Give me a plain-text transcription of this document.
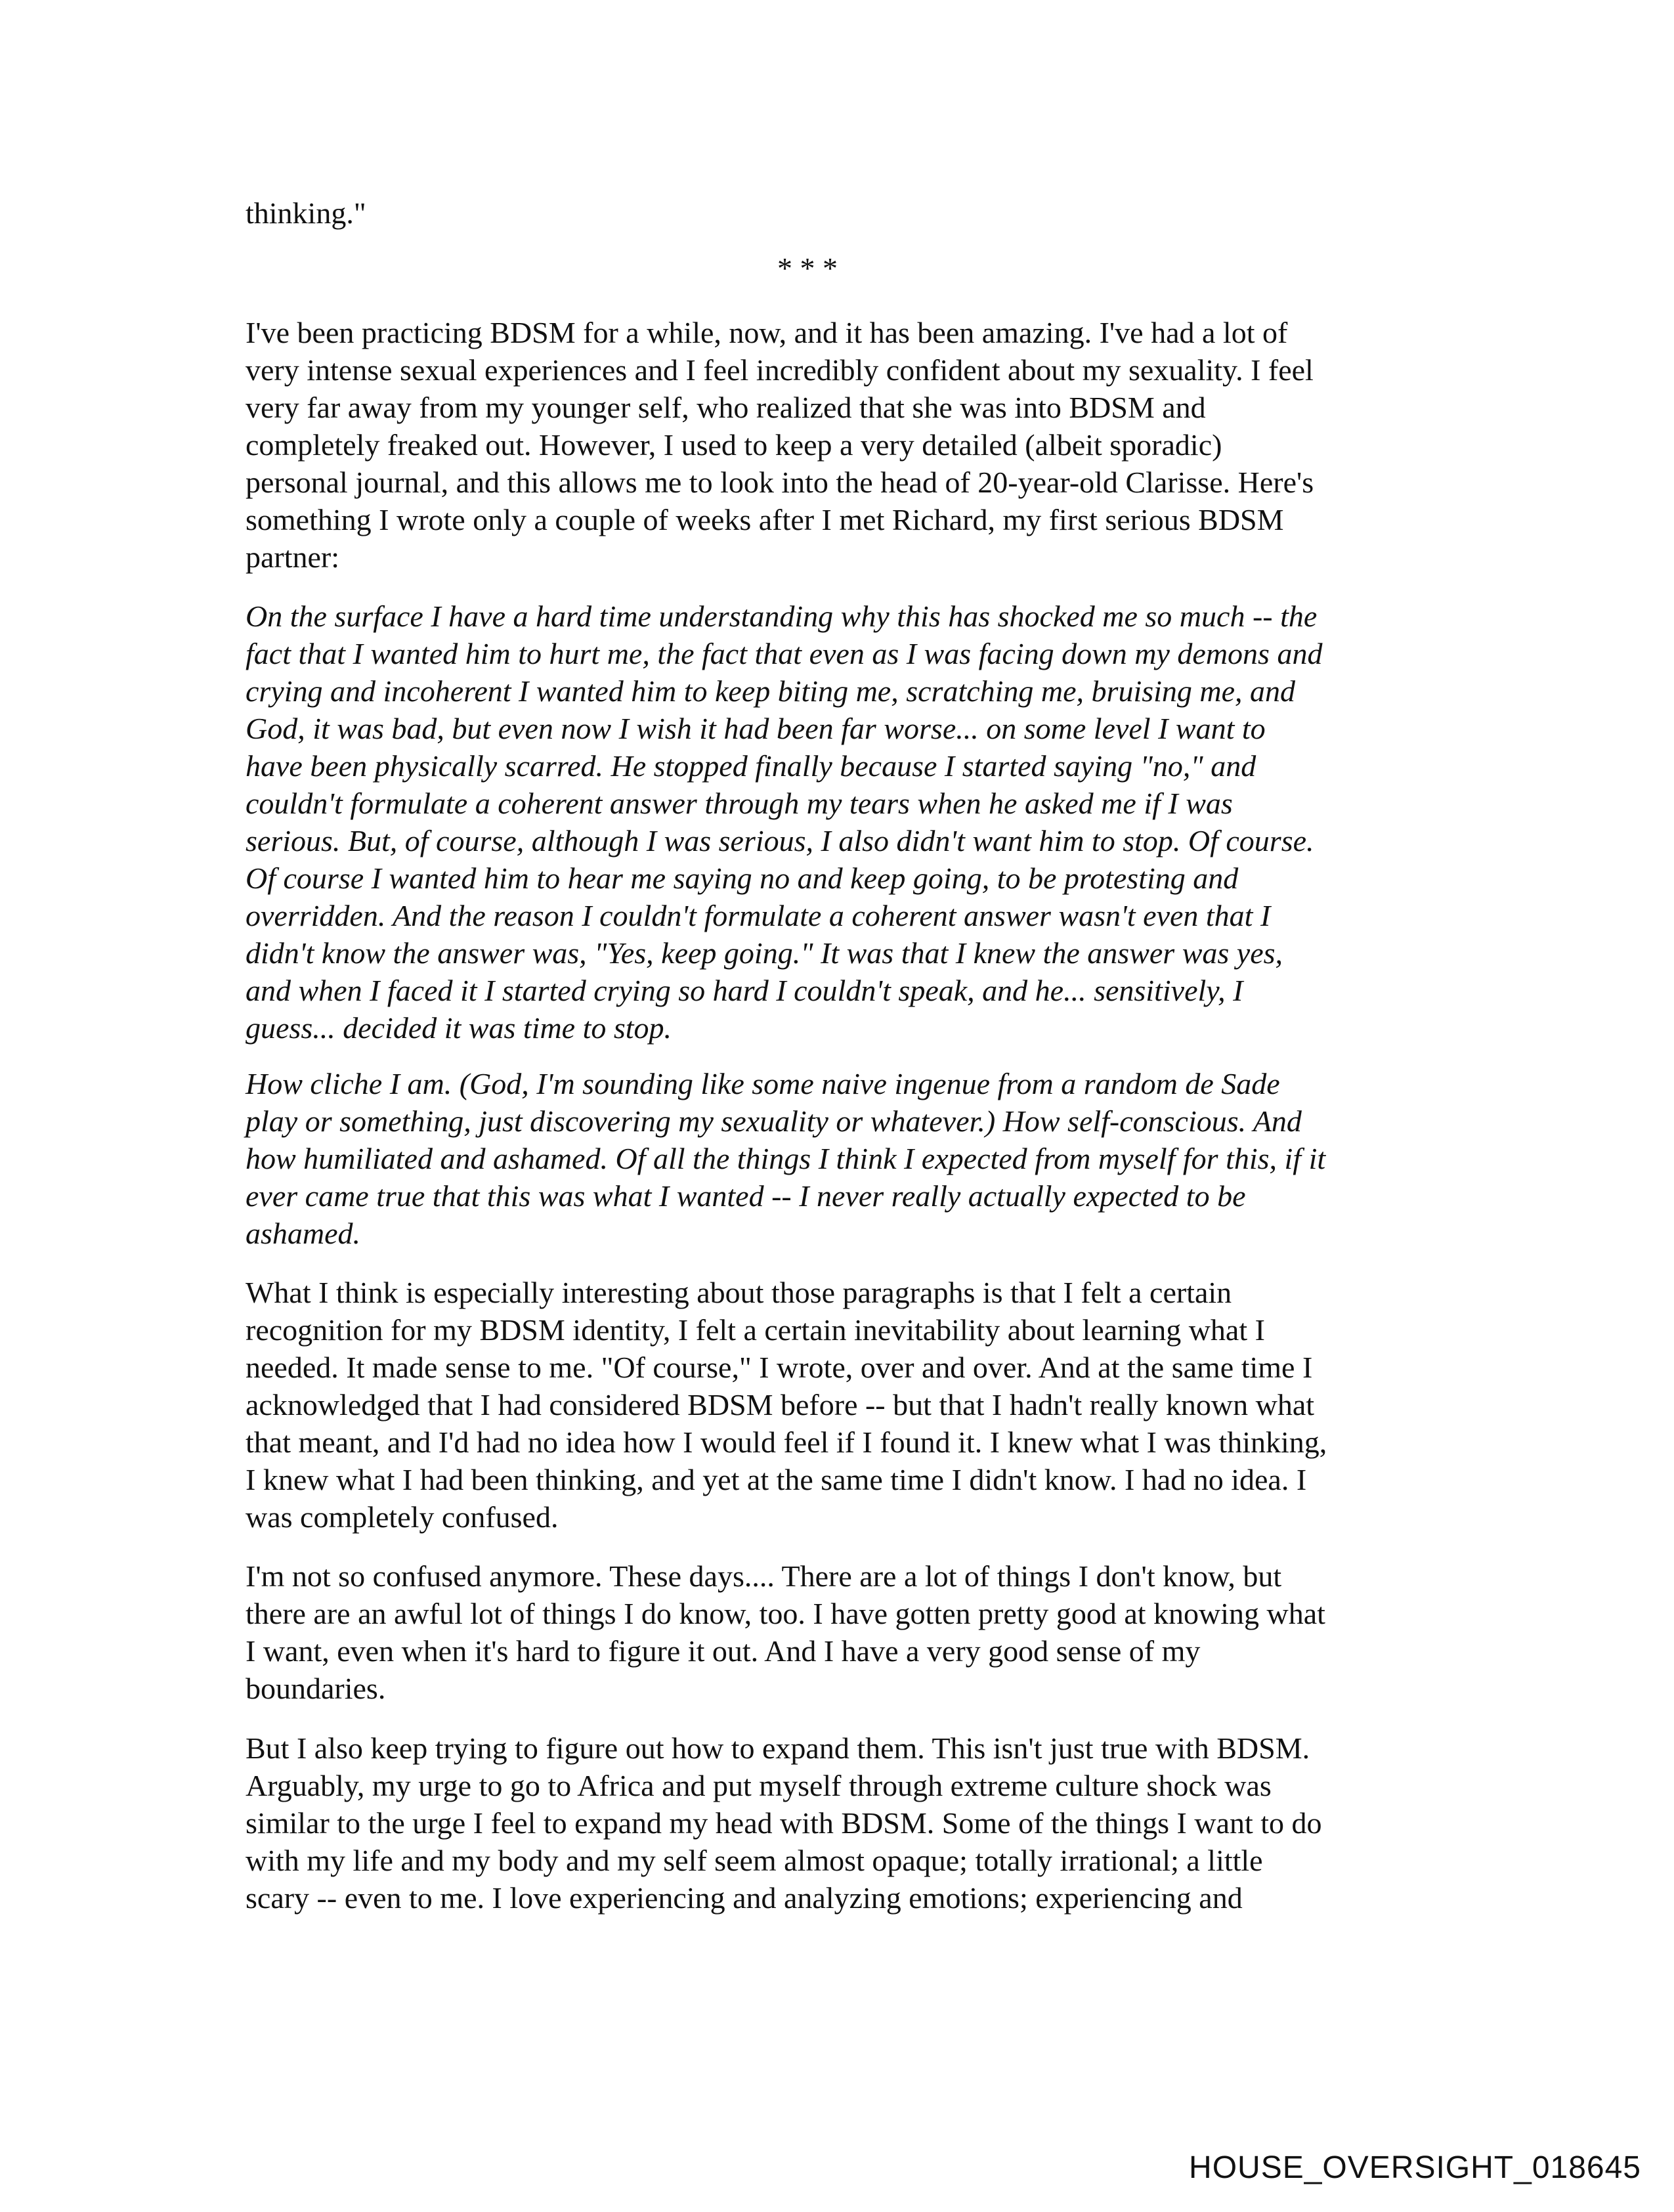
thinking."
* * *
I've been practicing BDSM for a while, now, and it has been amazing. I've had a lot of
very intense sexual experiences and I feel incredibly confident about my sexuality. I feel
very far away from my younger self, who realized that she was into BDSM and
completely freaked out. However, I used to keep a very detailed (albeit sporadic)
personal journal, and this allows me to look into the head of 20-year-old Clarisse. Here's
something I wrote only a couple of weeks after I met Richard, my first serious BDSM
partner:
On the surface I have a hard time understanding why this has shocked me so much -- the
fact that I wanted him to hurt me, the fact that even as I was facing down my demons and
crying and incoherent I wanted him to keep biting me, scratching me, bruising me, and
God, it was bad, but even now I wish it had been far worse... on some level I want to
have been physically scarred. He stopped finally because I started saying "no," and
couldn't formulate a coherent answer through my tears when he asked me if I was
serious. But, of course, although I was serious, I also didn't want him to stop. Of course.
Of course I wanted him to hear me saying no and keep going, to be protesting and
overridden. And the reason I couldn't formulate a coherent answer wasn't even that I
didn't know the answer was, "Yes, keep going." It was that I knew the answer was yes,
and when I faced it I started crying so hard I couldn't speak, and he... sensitively, I
guess... decided it was time to stop.
How cliche I am. (God, I'm sounding like some naive ingenue from a random de Sade
play or something, just discovering my sexuality or whatever.) How self-conscious. And
how humiliated and ashamed. Of all the things I think I expected from myself for this, if it
ever came true that this was what I wanted -- I never really actually expected to be
ashamed.
What I think is especially interesting about those paragraphs is that I felt a certain
recognition for my BDSM identity, I felt a certain inevitability about learning what I
needed. It made sense to me. "Of course," I wrote, over and over. And at the same time I
acknowledged that I had considered BDSM before -- but that I hadn't really known what
that meant, and I'd had no idea how I would feel if I found it. I knew what I was thinking,
I knew what I had been thinking, and yet at the same time I didn't know. I had no idea. I
was completely confused.
I'm not so confused anymore. These days.... There are a lot of things I don't know, but
there are an awful lot of things I do know, too. I have gotten pretty good at knowing what
I want, even when it's hard to figure it out. And I have a very good sense of my
boundaries.
But I also keep trying to figure out how to expand them. This isn't just true with BDSM.
Arguably, my urge to go to Africa and put myself through extreme culture shock was
similar to the urge I feel to expand my head with BDSM. Some of the things I want to do
with my life and my body and my self seem almost opaque; totally irrational; a little
scary -- even to me. I love experiencing and analyzing emotions; experiencing and
HOUSE_OVERSIGHT_018645
